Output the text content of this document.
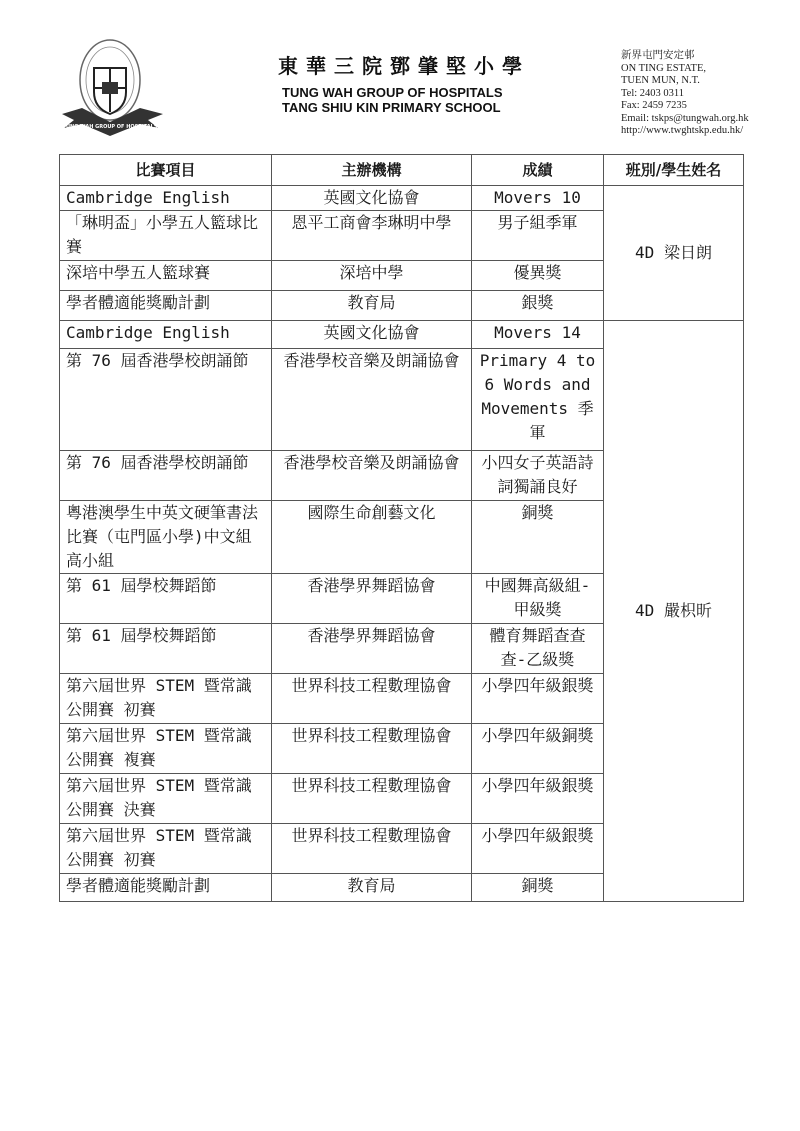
TUNG WAH GROUP OF HOSPITALS
東華三院鄧肇堅小學
TUNG WAH GROUP OF HOSPITALS
TANG SHIU KIN PRIMARY SCHOOL
新界屯門安定邨
ON TING ESTATE,
TUEN MUN, N.T.
Tel: 2403 0311
Fax: 2459 7235
Email: tskps@tungwah.org.hk
http://www.twghtskp.edu.hk/
比賽項目	主辦機構	成績	班別/學生姓名
Cambridge English	英國文化協會	Movers 10	4D 梁日朗
「琳明盃」小學五人籃球比賽	恩平工商會李琳明中學	男子組季軍	
深培中學五人籃球賽	深培中學	優異獎	
學者體適能獎勵計劃	教育局	銀獎	
Cambridge English	英國文化協會	Movers 14	4D 嚴枳昕
第 76 屆香港學校朗誦節	香港學校音樂及朗誦協會	Primary 4 to 6 Words and Movements 季軍	
第 76 屆香港學校朗誦節	香港學校音樂及朗誦協會	小四女子英語詩詞獨誦良好	
粵港澳學生中英文硬筆書法比賽（屯門區小學)中文組高小組	國際生命創藝文化	銅獎	
第 61 屆學校舞蹈節	香港學界舞蹈協會	中國舞高級組-甲級獎	
第 61 屆學校舞蹈節	香港學界舞蹈協會	體育舞蹈查查查-乙級獎	
第六屆世界 STEM 暨常識公開賽 初賽	世界科技工程數理協會	小學四年級銀獎	
第六屆世界 STEM 暨常識公開賽 複賽	世界科技工程數理協會	小學四年級銅獎	
第六屆世界 STEM 暨常識公開賽 決賽	世界科技工程數理協會	小學四年級銀獎	
第六屆世界 STEM 暨常識公開賽 初賽	世界科技工程數理協會	小學四年級銀獎	
學者體適能獎勵計劃	教育局	銅獎	
